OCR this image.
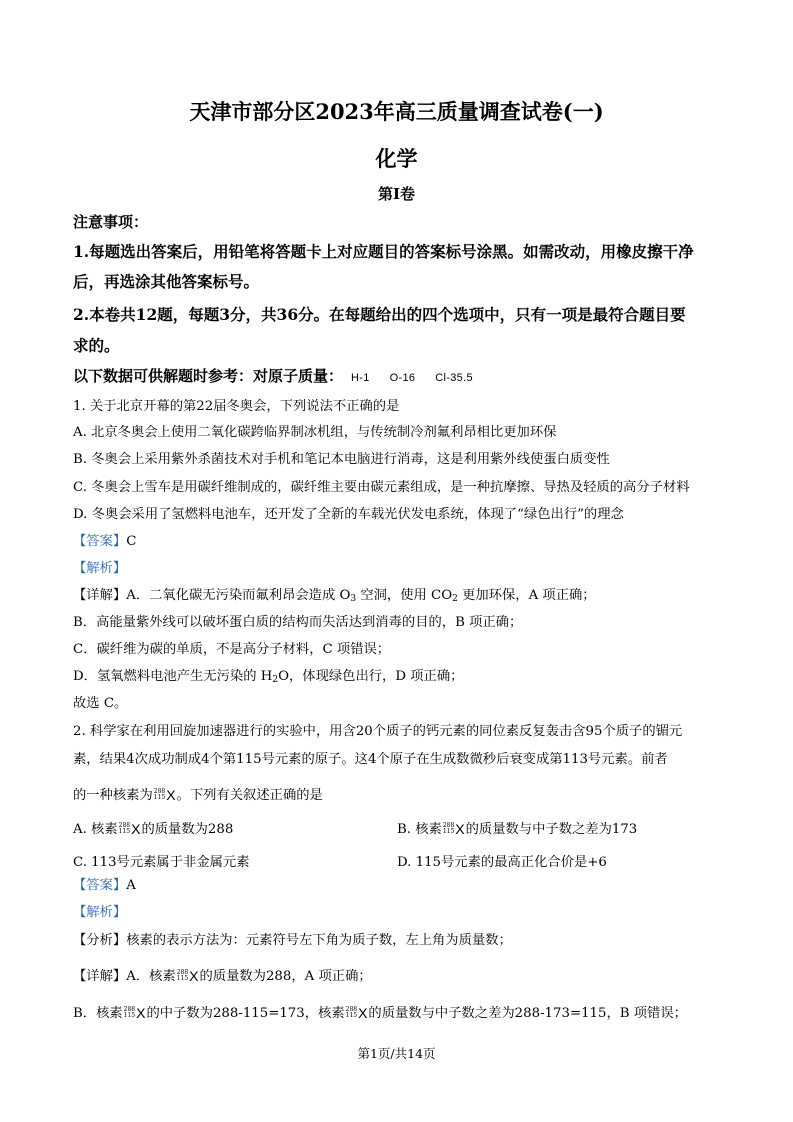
天津市部分区2023年高三质量调查试卷(一)
化学
第I卷
注意事项：
1.每题选出答案后，用铅笔将答题卡上对应题目的答案标号涂黑。如需改动，用橡皮擦干净
后，再选涂其他答案标号。
2.本卷共12题，每题3分，共36分。在每题给出的四个选项中，只有一项是最符合题目要
求的。
以下数据可供解题时参考：对原子质量： H-1 O-16 Cl-35.5
1. 关于北京开幕的第22届冬奥会，下列说法不正确的是
A. 北京冬奥会上使用二氧化碳跨临界制冰机组，与传统制冷剂氟利昂相比更加环保
B. 冬奥会上采用紫外杀菌技术对手机和笔记本电脑进行消毒，这是利用紫外线使蛋白质变性
C. 冬奥会上雪车是用碳纤维制成的，碳纤维主要由碳元素组成，是一种抗摩擦、导热及轻质的高分子材料
D. 冬奥会采用了氢燃料电池车，还开发了全新的车载光伏发电系统，体现了“绿色出行”的理念
【答案】C
【解析】
【详解】A．二氧化碳无污染而氟利昂会造成 $O_3$ 空洞，使用 $CO_2$ 更加环保，A 项正确；
B．高能量紫外线可以破坏蛋白质的结构而失活达到消毒的目的，B 项正确；
C．碳纤维为碳的单质，不是高分子材料，C 项错误；
D．氢氧燃料电池产生无污染的 $H_2O$，体现绿色出行，D 项正确；
故选 C。
2. 科学家在利用回旋加速器进行的实验中，用含20个质子的钙元素的同位素反复轰击含95个质子的镅元
素，结果4次成功制成4个第115号元素的原子。这4个原子在生成数微秒后衰变成第113号元素。前者
的一种核素为288
115X。下列有关叙述正确的是
A. 核素288
115X的质量数为288	B. 核素288
115X的质量数与中子数之差为173
C. 113号元素属于非金属元素	D. 115号元素的最高正化合价是+6
【答案】A
【解析】
【分析】核素的表示方法为：元素符号左下角为质子数，左上角为质量数；
【详解】A．核素288
115X的质量数为288，A 项正确；
B．核素288
115X的中子数为288-115=173，核素288
115X的质量数与中子数之差为288-173=115，B 项错误；
第1页/共14页
